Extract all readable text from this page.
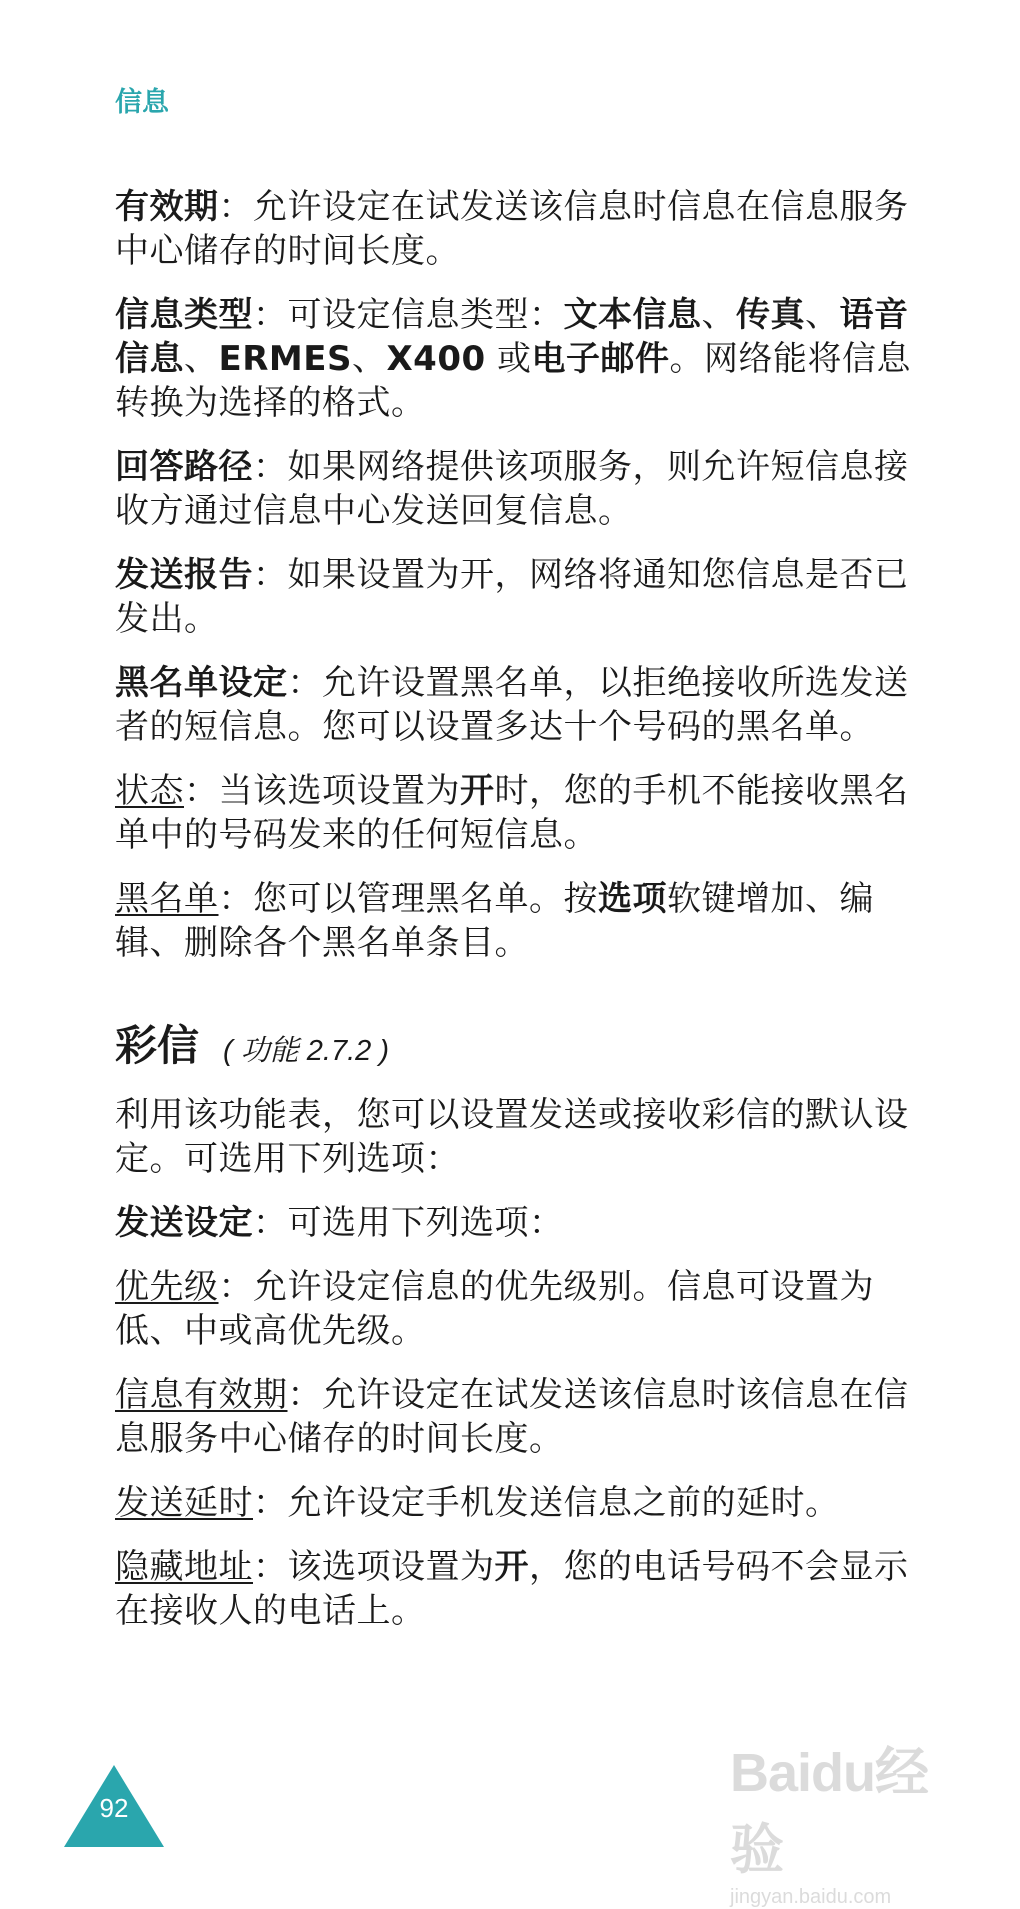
信息

有效期：允许设定在试发送该信息时信息在信息服务中心储存的时间长度。

信息类型：可设定信息类型：文本信息、传真、语音信息、ERMES、X400 或电子邮件。网络能将信息转换为选择的格式。

回答路径：如果网络提供该项服务，则允许短信息接收方通过信息中心发送回复信息。

发送报告：如果设置为开，网络将通知您信息是否已发出。

黑名单设定：允许设置黑名单，以拒绝接收所选发送者的短信息。您可以设置多达十个号码的黑名单。

状态：当该选项设置为开时，您的手机不能接收黑名单中的号码发来的任何短信息。

黑名单：您可以管理黑名单。按选项软键增加、编辑、删除各个黑名单条目。

彩信 ( 功能 2.7.2 )

利用该功能表，您可以设置发送或接收彩信的默认设定。可选用下列选项：

发送设定：可选用下列选项：

优先级：允许设定信息的优先级别。信息可设置为低、中或高优先级。

信息有效期：允许设定在试发送该信息时该信息在信息服务中心储存的时间长度。

发送延时：允许设定手机发送信息之前的延时。

隐藏地址：该选项设置为开，您的电话号码不会显示在接收人的电话上。

92
Baidu经验
jingyan.baidu.com
